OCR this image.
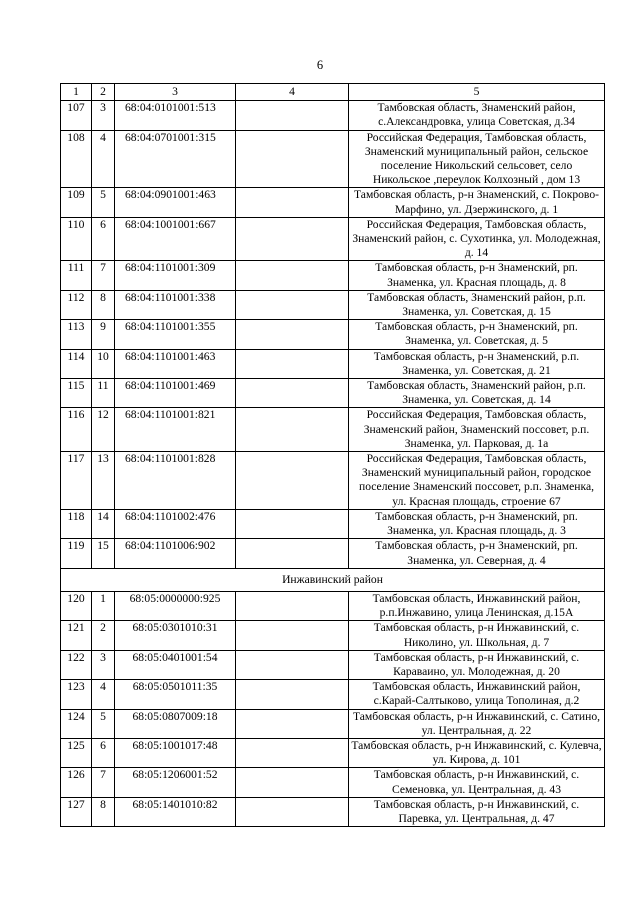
6
1	2	3	4	5
107	3	68:04:0101001:513		Тамбовская область, Знаменский район, с.Александровка, улица Советская, д.34
108	4	68:04:0701001:315		Российская Федерация, Тамбовская область, Знаменский муниципальный район, сельское поселение Никольский сельсовет, село Никольское ,переулок Колхозный , дом 13
109	5	68:04:0901001:463		Тамбовская область, р-н Знаменский, с. Покрово-Марфино, ул. Дзержинского, д. 1
110	6	68:04:1001001:667		Российская Федерация, Тамбовская область, Знаменский район, с. Сухотинка, ул. Молодежная, д. 14
111	7	68:04:1101001:309		Тамбовская область, р-н Знаменский, рп. Знаменка, ул. Красная площадь, д. 8
112	8	68:04:1101001:338		Тамбовская область, Знаменский район, р.п. Знаменка, ул. Советская, д. 15
113	9	68:04:1101001:355		Тамбовская область, р-н Знаменский, рп. Знаменка, ул. Советская, д. 5
114	10	68:04:1101001:463		Тамбовская область, р-н Знаменский, р.п. Знаменка, ул. Советская, д. 21
115	11	68:04:1101001:469		Тамбовская область, Знаменский район, р.п. Знаменка, ул. Советская, д. 14
116	12	68:04:1101001:821		Российская Федерация, Тамбовская область, Знаменский район, Знаменский поссовет, р.п. Знаменка, ул. Парковая, д. 1а
117	13	68:04:1101001:828		Российская Федерация, Тамбовская область, Знаменский муниципальный район, городское поселение Знаменский поссовет, р.п. Знаменка, ул. Красная площадь, строение 67
118	14	68:04:1101002:476		Тамбовская область, р-н Знаменский, рп. Знаменка, ул. Красная площадь, д. 3
119	15	68:04:1101006:902		Тамбовская область, р-н Знаменский, рп. Знаменка, ул. Северная, д. 4
Инжавинский район				
120	1	68:05:0000000:925		Тамбовская область, Инжавинский район, р.п.Инжавино, улица Ленинская, д.15А
121	2	68:05:0301010:31		Тамбовская область, р-н Инжавинский, с. Николино, ул. Школьная, д. 7
122	3	68:05:0401001:54		Тамбовская область, р-н Инжавинский, с. Караваино, ул. Молодежная, д. 20
123	4	68:05:0501011:35		Тамбовская область, Инжавинский район, с.Карай-Салтыково, улица Тополиная, д.2
124	5	68:05:0807009:18		Тамбовская область, р-н Инжавинский, с. Сатино, ул. Центральная, д. 22
125	6	68:05:1001017:48		Тамбовская область, р-н Инжавинский, с. Кулевча, ул. Кирова, д. 101
126	7	68:05:1206001:52		Тамбовская область, р-н Инжавинский, с. Семеновка, ул. Центральная, д. 43
127	8	68:05:1401010:82		Тамбовская область, р-н Инжавинский, с. Паревка, ул. Центральная, д. 47
